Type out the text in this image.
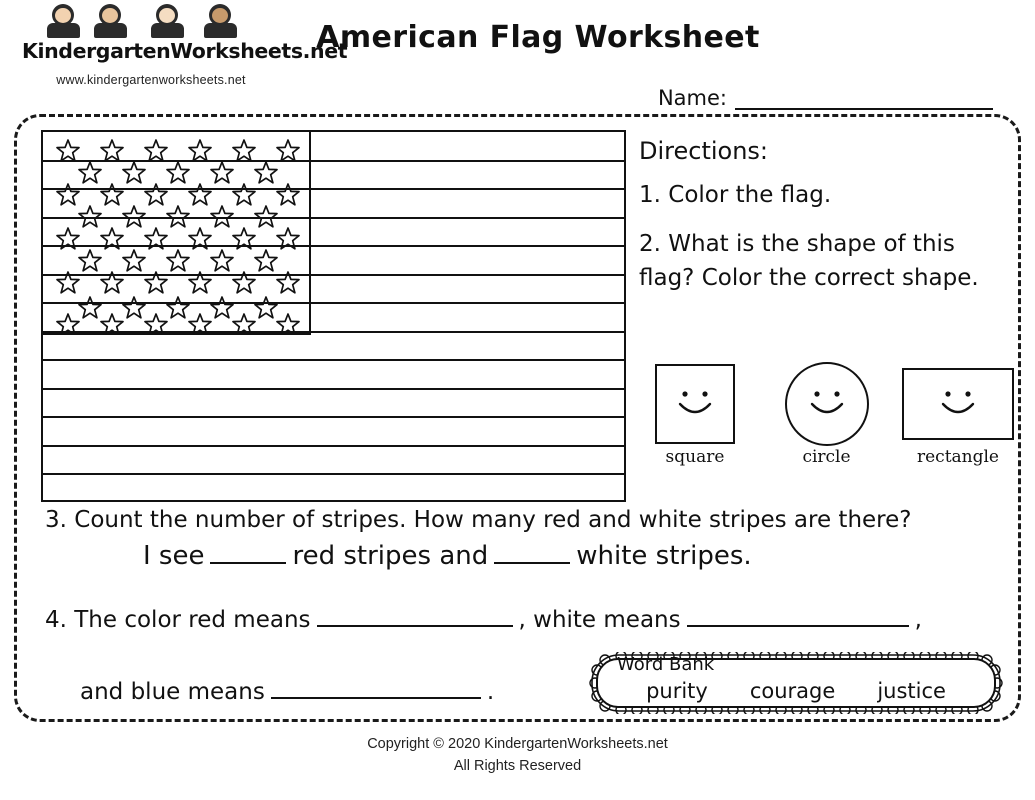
KindergartenWorksheets.net
www.kindergartenworksheets.net
American Flag Worksheet
Name:
Directions:
1. Color the flag.
2. What is the shape of this flag? Color the correct shape.
square	circle	rectangle
3. Count the number of stripes. How many red and white stripes are there?
I see	red stripes and	white stripes.
4. The color red means	, white means	,
and blue means	.
Word Bank
purity courage justice
Copyright © 2020 KindergartenWorksheets.net
All Rights Reserved
